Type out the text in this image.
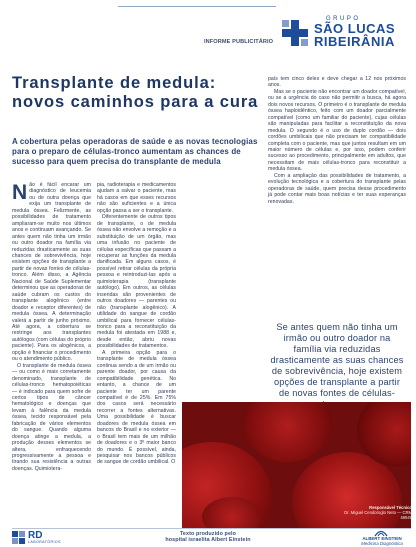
INFORME PUBLICITÁRIO
GRUPO
SÃO LUCAS
RIBEIRÂNIA
Transplante de medula: novos caminhos para a cura
A cobertura pelas operadoras de saúde e as novas tecnologias para o preparo de células-tronco aumentam as chances de sucesso para quem precisa do transplante de medula

Não é fácil encarar um diagnóstico de leucemia ou de outra doença que exija um transplante de medula óssea. Felizmente, as possibilidades de tratamento ampliaram-se muito nos últimos anos e continuam avançando. Se antes quem não tinha um irmão ou outro doador na família via reduzidas drasticamente as suas chances de sobrevivência, hoje existem opções de transplante a partir de novas fontes de células-tronco. Além disso, a Agência Nacional de Saúde Suplementar determinou que as operadoras de saúde cubram os custos do transplante alogênico (entre doador e receptor diferentes) de medula óssea. A determinação valerá a partir de junho próximo. Até agora, a cobertura se restringe aos transplantes autólogos (com células do próprio paciente). Para os alogênicos, a opção é financiar o procedimento ou o atendimento público.

O transplante de medula óssea — ou como é mais corretamente denominado, transplante de células-tronco hematopoiéticas — é indicado para quem sofre de certos tipos de câncer hematológico e doenças que levam à falência da medula óssea, tecido responsável pela fabricação de vários elementos do sangue. Quando alguma doença atinge a medula, a produção desses elementos se altera, enfraquecendo progressivamente a pessoa e tirando sua resistência a outras doenças. Quimiotera-

pia, radioterapia e medicamentos ajudam a salvar o paciente, mas há casos em que esses recursos não são suficientes e a única opção passa a ser o transplante.

Diferentemente de outros tipos de transplante, o de medula óssea não envolve a remoção e a substituição de um órgão, mas uma infusão no paciente de células específicas que passam a recuperar as funções da medula danificada. Em alguns casos, é possível retirar células da própria pessoa e reintroduzi-las após a quimioterapia (transplante autólogo). Em outros, as células inseridas são provenientes de outros doadores — parentes ou não (transplante alogênico). A utilidade do sangue de cordão umbilical para fornecer células-tronco para a reconstituição da medula foi atestada em 1988 e, desde então, abriu novas possibilidades de tratamentos.

A primeira opção para o transplante de medula óssea continua sendo a de um irmão ou parente doador, por causa da compatibilidade genética. No entanto, a chance de um paciente ter um parente compatível é de 25%. Em 75% dos casos será necessário recorrer a fontes alternativas. Uma possibilidade é buscar doadores de medula óssea em bancos do Brasil e no exterior — o Brasil tem mais de um milhão de doadores e o 3º maior banco do mundo. É possível, ainda, pesquisar nos bancos públicos de sangue de cordão umbilical. O

país tem cinco deles e deve chegar a 12 nos próximos anos.

Mas se o paciente não encontrar um doador compatível, ou se a urgência do caso não permitir a busca, há agora dois novos recursos. O primeiro é o transplante de medula óssea haploidêntico, feito com um doador parcialmente compatível (como um familiar do paciente), cujas células são manipuladas para facilitar a reconstituição da nova medula. O segundo é o uso de duplo cordão — dois cordões umbilicais que não precisam ter compatibilidade completa com o paciente, mas que juntos resultam em um maior número de células e, por isso, podem conferir sucesso ao procedimento, principalmente em adultos, que necessitam de mais células-tronco para reconstituir a medula óssea.

Com a ampliação das possibilidades de tratamento, a evolução tecnológica e a cobertura do transplante pelas operadoras de saúde, quem precisa desse procedimento já pode contar mais boas notícias e ter suas esperanças renovadas.

Se antes quem não tinha um irmão ou outro doador na família via reduzidas drasticamente as suas chances de sobrevivência, hoje existem opções de transplante a partir de novas fontes de células-
Responsável Técnico
Dr. Miguel Cendoroglo Neto — CRM 48949
RD
LABORATÓRIOS
Texto produzido pelo
hospital israelita Albert Einstein	ALBERT EINSTEIN
Medicina Diagnóstica
